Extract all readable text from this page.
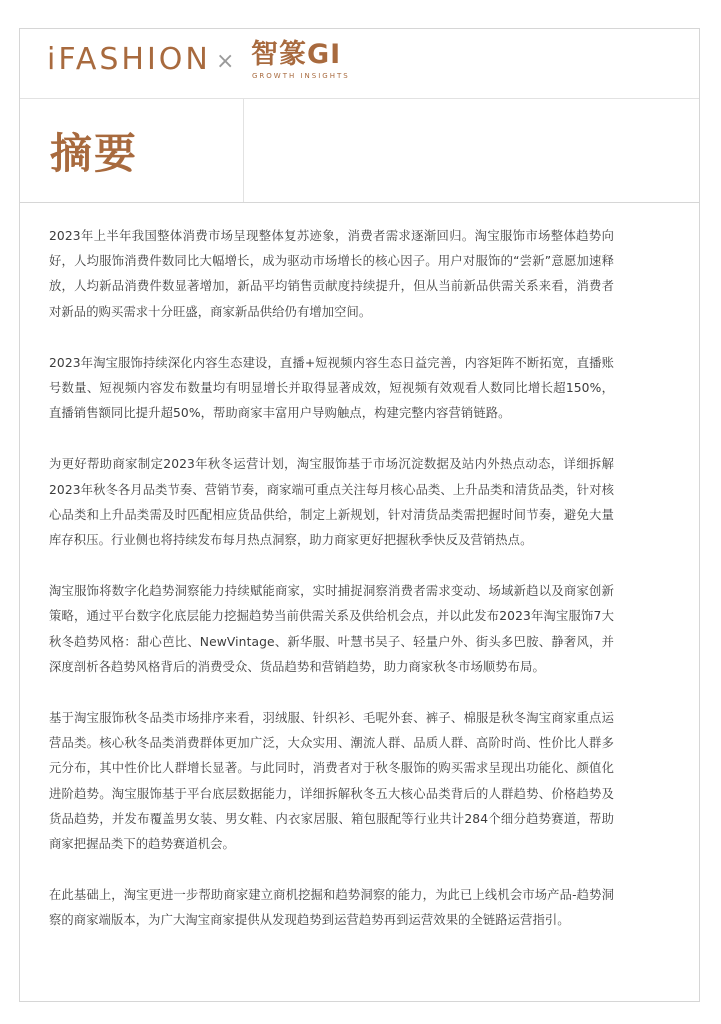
iFASHION × 智篆GI
GROWTH INSIGHTS
摘要

2023年上半年我国整体消费市场呈现整体复苏迹象，消费者需求逐渐回归。淘宝服饰市场整体趋势向好，人均服饰消费件数同比大幅增长，成为驱动市场增长的核心因子。用户对服饰的“尝新”意愿加速释放，人均新品消费件数显著增加，新品平均销售贡献度持续提升，但从当前新品供需关系来看，消费者对新品的购买需求十分旺盛，商家新品供给仍有增加空间。

2023年淘宝服饰持续深化内容生态建设，直播+短视频内容生态日益完善，内容矩阵不断拓宽，直播账号数量、短视频内容发布数量均有明显增长并取得显著成效，短视频有效观看人数同比增长超150%，直播销售额同比提升超50%，帮助商家丰富用户导购触点，构建完整内容营销链路。

为更好帮助商家制定2023年秋冬运营计划，淘宝服饰基于市场沉淀数据及站内外热点动态，详细拆解2023年秋冬各月品类节奏、营销节奏，商家端可重点关注每月核心品类、上升品类和清货品类，针对核心品类和上升品类需及时匹配相应货品供给，制定上新规划，针对清货品类需把握时间节奏，避免大量库存积压。行业侧也将持续发布每月热点洞察，助力商家更好把握秋季快反及营销热点。

淘宝服饰将数字化趋势洞察能力持续赋能商家，实时捕捉洞察消费者需求变动、场域新趋以及商家创新策略，通过平台数字化底层能力挖掘趋势当前供需关系及供给机会点，并以此发布2023年淘宝服饰7大秋冬趋势风格：甜心芭比、NewVintage、新华服、叶慧书吴子、轻量户外、街头多巴胺、静奢风，并深度剖析各趋势风格背后的消费受众、货品趋势和营销趋势，助力商家秋冬市场顺势布局。

基于淘宝服饰秋冬品类市场排序来看，羽绒服、针织衫、毛呢外套、裤子、棉服是秋冬淘宝商家重点运营品类。核心秋冬品类消费群体更加广泛，大众实用、潮流人群、品质人群、高阶时尚、性价比人群多元分布，其中性价比人群增长显著。与此同时，消费者对于秋冬服饰的购买需求呈现出功能化、颜值化进阶趋势。淘宝服饰基于平台底层数据能力，详细拆解秋冬五大核心品类背后的人群趋势、价格趋势及货品趋势，并发布覆盖男女装、男女鞋、内衣家居服、箱包服配等行业共计284个细分趋势赛道，帮助商家把握品类下的趋势赛道机会。

在此基础上，淘宝更进一步帮助商家建立商机挖掘和趋势洞察的能力，为此已上线机会市场产品-趋势洞察的商家端版本，为广大淘宝商家提供从发现趋势到运营趋势再到运营效果的全链路运营指引。
